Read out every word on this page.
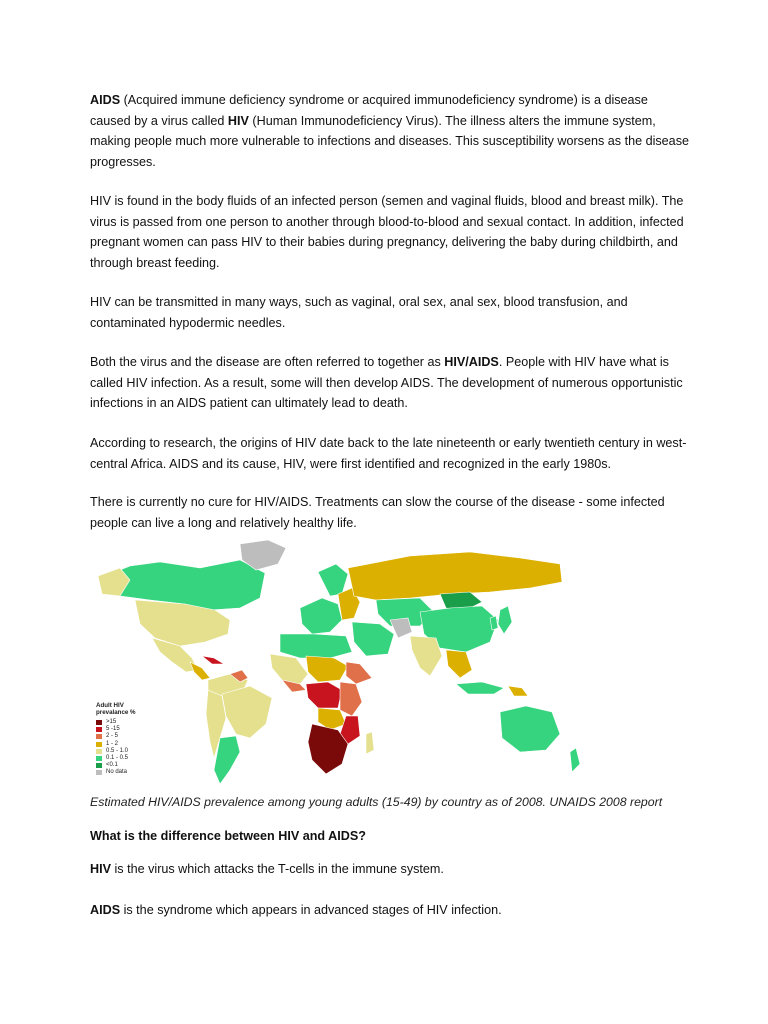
AIDS (Acquired immune deficiency syndrome or acquired immunodeficiency syndrome) is a disease caused by a virus called HIV (Human Immunodeficiency Virus). The illness alters the immune system, making people much more vulnerable to infections and diseases. This susceptibility worsens as the disease progresses.

HIV is found in the body fluids of an infected person (semen and vaginal fluids, blood and breast milk). The virus is passed from one person to another through blood-to-blood and sexual contact. In addition, infected pregnant women can pass HIV to their babies during pregnancy, delivering the baby during childbirth, and through breast feeding.

HIV can be transmitted in many ways, such as vaginal, oral sex, anal sex, blood transfusion, and contaminated hypodermic needles.

Both the virus and the disease are often referred to together as HIV/AIDS. People with HIV have what is called HIV infection. As a result, some will then develop AIDS. The development of numerous opportunistic infections in an AIDS patient can ultimately lead to death.

According to research, the origins of HIV date back to the late nineteenth or early twentieth century in west-central Africa. AIDS and its cause, HIV, were first identified and recognized in the early 1980s.

There is currently no cure for HIV/AIDS. Treatments can slow the course of the disease - some infected people can live a long and relatively healthy life.

Adult HIV
prevalance %
>15
5 -15
2 - 5
1 - 2
0.5 - 1.0
0.1 - 0.5
<0.1
No data
Estimated HIV/AIDS prevalence among young adults (15-49) by country as of 2008. UNAIDS 2008 report
What is the difference between HIV and AIDS?

HIV is the virus which attacks the T-cells in the immune system.

AIDS is the syndrome which appears in advanced stages of HIV infection.
